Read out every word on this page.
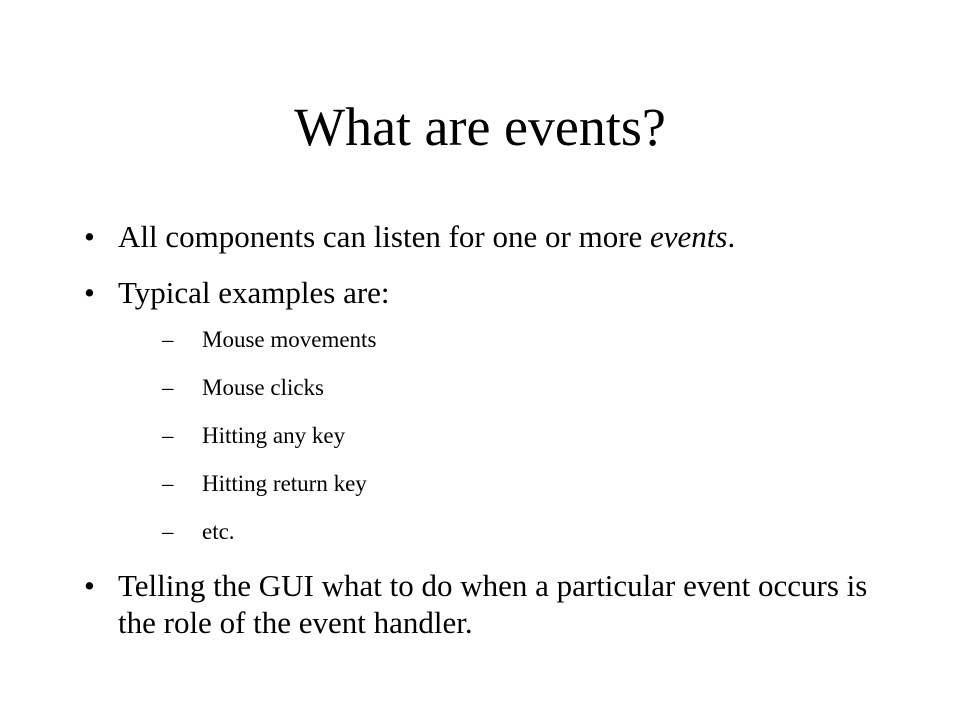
What are events?
• All components can listen for one or more events.
• Typical examples are:
– Mouse movements
– Mouse clicks
– Hitting any key
– Hitting return key
– etc.
• Telling the GUI what to do when a particular event occurs is the role of the event handler.
